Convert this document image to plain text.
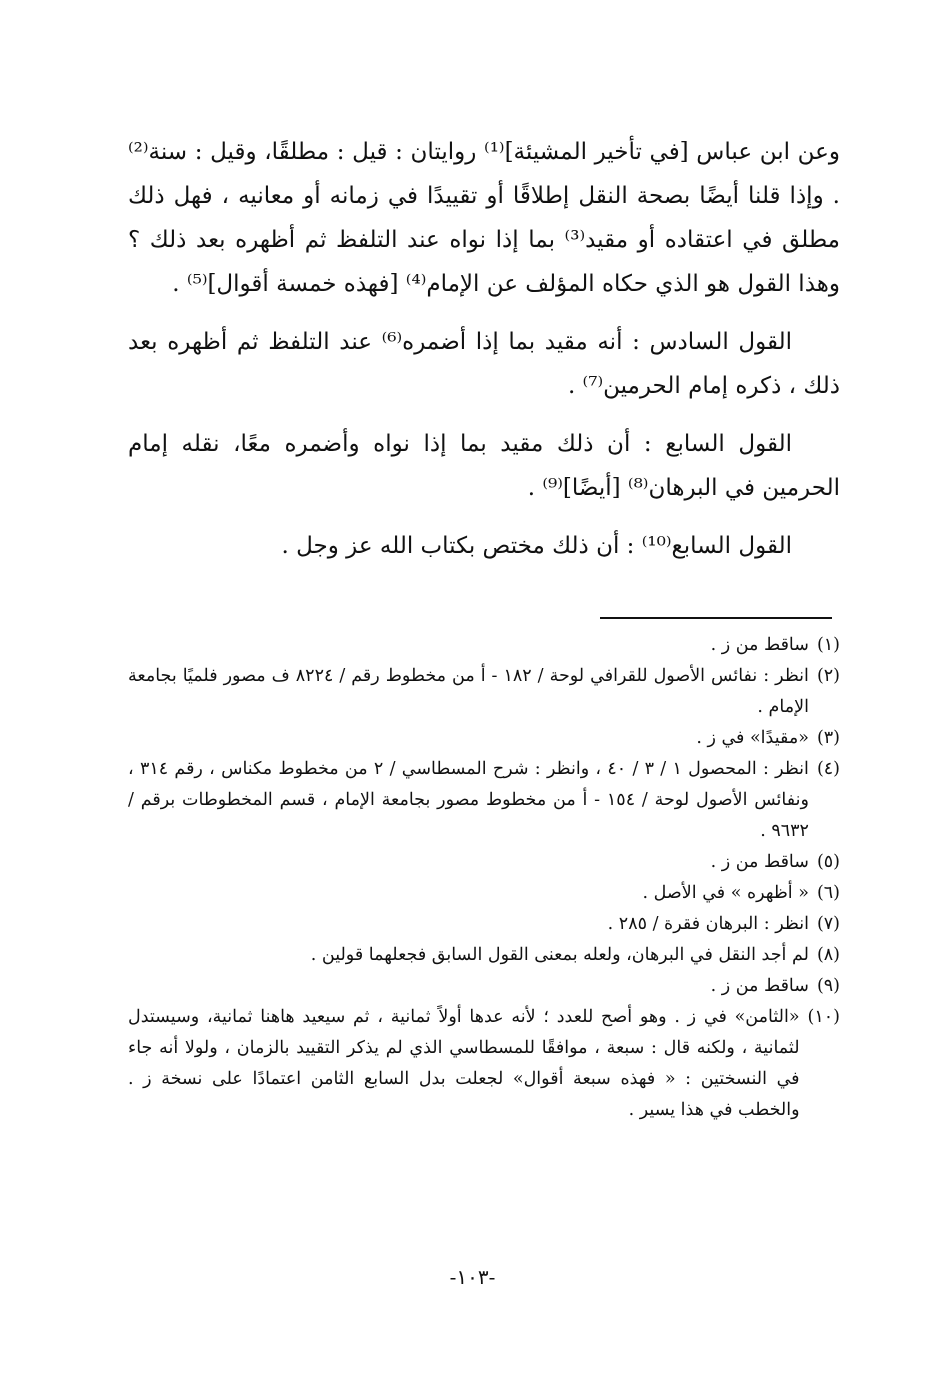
وعن ابن عباس [في تأخير المشيئة]⁽¹⁾ روايتان : قيل : مطلقًا، وقيل : سنة⁽²⁾ . وإذا قلنا أيضًا بصحة النقل إطلاقًا أو تقييدًا في زمانه أو معانيه ، فهل ذلك مطلق في اعتقاده أو مقيد⁽³⁾ بما إذا نواه عند التلفظ ثم أظهره بعد ذلك ؟ وهذا القول هو الذي حكاه المؤلف عن الإمام⁽⁴⁾ [فهذه خمسة أقوال]⁽⁵⁾ .

القول السادس : أنه مقيد بما إذا أضمره⁽⁶⁾ عند التلفظ ثم أظهره بعد ذلك ، ذكره إمام الحرمين⁽⁷⁾ .

القول السابع : أن ذلك مقيد بما إذا نواه وأضمره معًا، نقله إمام الحرمين في البرهان⁽⁸⁾ [أيضًا]⁽⁹⁾ .

القول السابع⁽¹⁰⁾ : أن ذلك مختص بكتاب الله عز وجل .

(١)
ساقط من ز .
(٢)
انظر : نفائس الأصول للقرافي لوحة / ١٨٢ - أ من مخطوط رقم / ٨٢٢٤ ف مصور فلميًا بجامعة الإمام .
(٣)
«مقيدًا» في ز .
(٤)
انظر : المحصول ١ / ٣ / ٤٠ ، وانظر : شرح المسطاسي / ٢ من مخطوط مكناس ، رقم ٣١٤ ، ونفائس الأصول لوحة / ١٥٤ - أ من مخطوط مصور بجامعة الإمام ، قسم المخطوطات برقم / ٩٦٣٢ .
(٥)
ساقط من ز .
(٦)
« أظهره » في الأصل .
(٧)
انظر : البرهان فقرة / ٢٨٥ .
(٨)
لم أجد النقل في البرهان، ولعله بمعنى القول السابق فجعلهما قولين .
(٩)
ساقط من ز .
(١٠)
«الثامن» في ز . وهو أصح للعدد ؛ لأنه عدها أولاً ثمانية ، ثم سيعيد هاهنا ثمانية، وسيستدل لثمانية ، ولكنه قال : سبعة ، موافقًا للمسطاسي الذي لم يذكر التقييد بالزمان ، ولولا أنه جاء في النسختين : « فهذه سبعة أقوال» لجعلت بدل السابع الثامن اعتمادًا على نسخة ز . والخطب في هذا يسير .
-١٠٣-
